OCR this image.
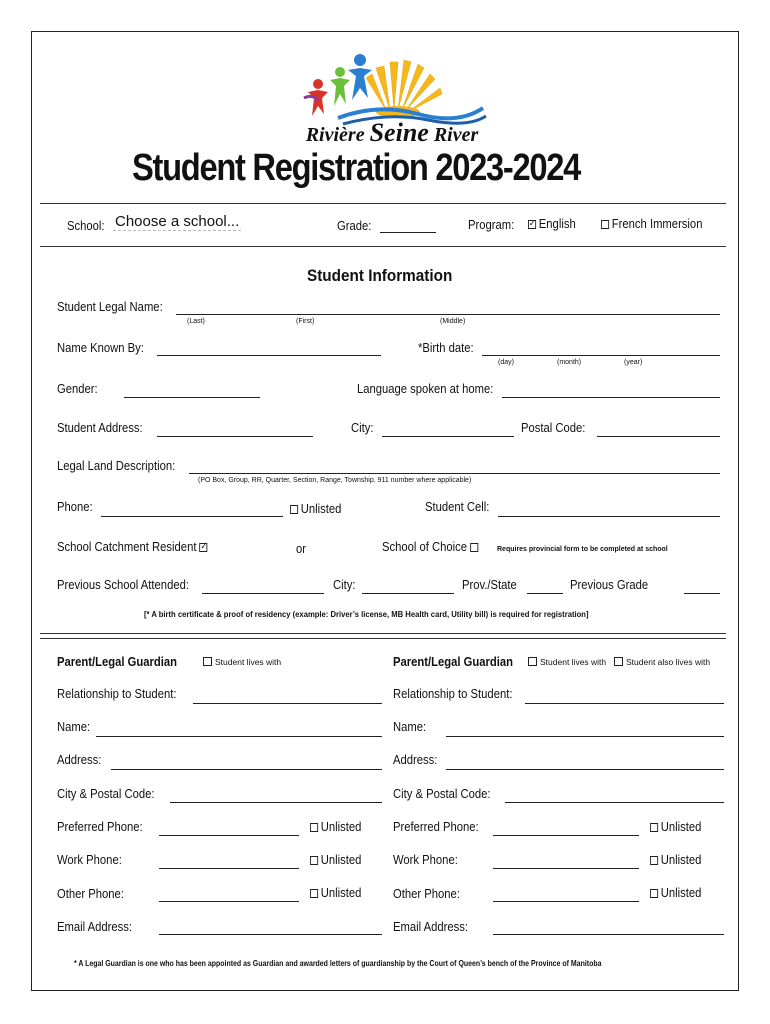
Rivière Seine River
Student Registration 2023-2024
School: Choose a school...	Grade:	Program: ✓	English	French Immersion
Student Information
Student Legal Name:
(Last)	(First)	(Middle)
Name Known By:	*Birth date:
(day)	(month)	(year)
Gender:	Language spoken at home:
Student Address:	City:	Postal Code:
Legal Land Description:
(PO Box, Group, RR, Quarter, Section, Range, Township, 911 number where applicable)
Phone:	Unlisted	Student Cell:
School Catchment Resident ✓	or	School of Choice	Requires provincial form to be completed at school
Previous School Attended:	City:	Prov./State	Previous Grade
[* A birth certificate & proof of residency (example: Driver’s license, MB Health card, Utility bill) is required for registration]
Parent/Legal Guardian	Student lives with
Relationship to Student:
Name:
Address:
City & Postal Code:
Preferred Phone:	Unlisted
Work Phone:	Unlisted
Other Phone:	Unlisted
Email Address:
Parent/Legal Guardian	Student lives with	Student also lives with
Relationship to Student:
Name:
Address:
City & Postal Code:
Preferred Phone:	Unlisted
Work Phone:	Unlisted
Other Phone:	Unlisted
Email Address:
* A Legal Guardian is one who has been appointed as Guardian and awarded letters of guardianship by the Court of Queen’s bench of the Province of Manitoba
